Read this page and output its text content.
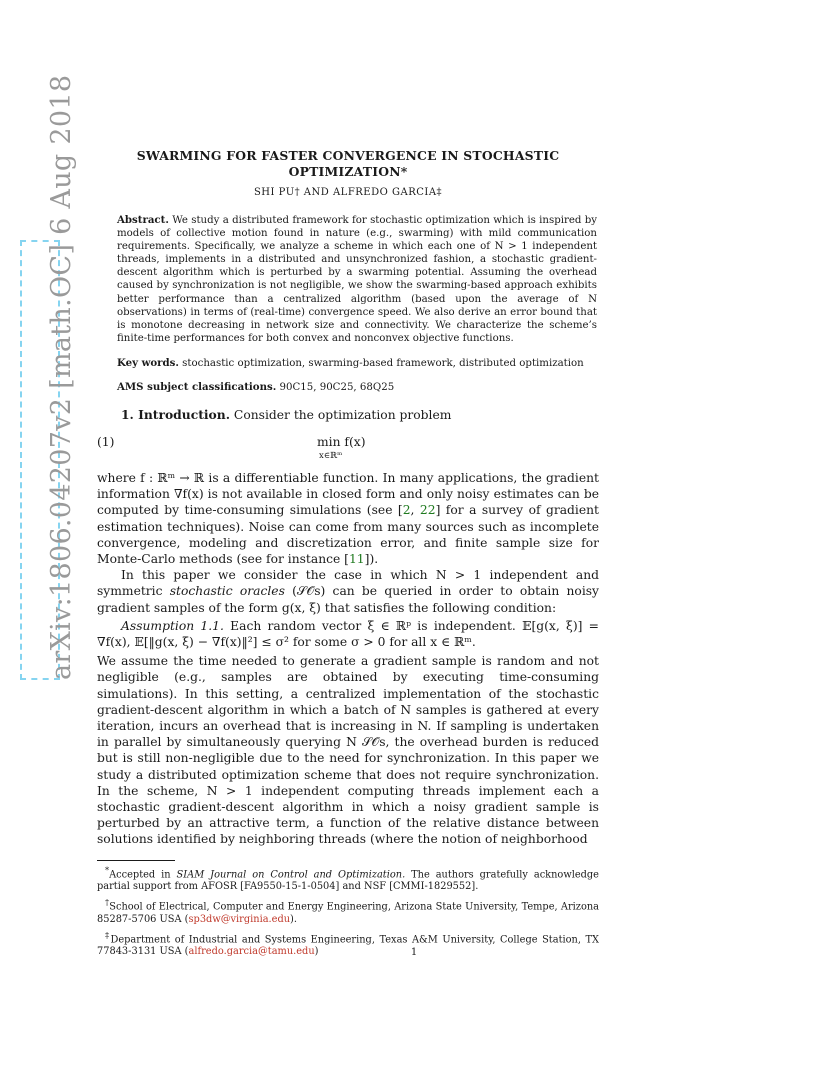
arXiv:1806.04207v2 [math.OC] 6 Aug 2018	SWARMING FOR FASTER CONVERGENCE IN STOCHASTIC
OPTIMIZATION*
SHI PU† AND ALFREDO GARCIA‡
Abstract. We study a distributed framework for stochastic optimization which is inspired by models of collective motion found in nature (e.g., swarming) with mild communication requirements. Specifically, we analyze a scheme in which each one of N > 1 independent threads, implements in a distributed and unsynchronized fashion, a stochastic gradient-descent algorithm which is perturbed by a swarming potential. Assuming the overhead caused by synchronization is not negligible, we show the swarming-based approach exhibits better performance than a centralized algorithm (based upon the average of N observations) in terms of (real-time) convergence speed. We also derive an error bound that is monotone decreasing in network size and connectivity. We characterize the scheme’s finite-time performances for both convex and nonconvex objective functions.
Key words. stochastic optimization, swarming-based framework, distributed optimization
AMS subject classifications. 90C15, 90C25, 68Q25
1. Introduction. Consider the optimization problem
(1)	min f(x)
x∈ℝᵐ
where f : ℝᵐ → ℝ is a differentiable function. In many applications, the gradient information ∇f(x) is not available in closed form and only noisy estimates can be computed by time-consuming simulations (see [2, 22] for a survey of gradient estimation techniques). Noise can come from many sources such as incomplete convergence, modeling and discretization error, and finite sample size for Monte-Carlo methods (see for instance [11]).
In this paper we consider the case in which N > 1 independent and symmetric stochastic oracles (𝒮𝒪s) can be queried in order to obtain noisy gradient samples of the form g(x, ξ) that satisfies the following condition:
Assumption 1.1. Each random vector ξ ∈ ℝᵖ is independent. 𝔼[g(x, ξ)] = ∇f(x), 𝔼[‖g(x, ξ) − ∇f(x)‖²] ≤ σ² for some σ > 0 for all x ∈ ℝᵐ.
We assume the time needed to generate a gradient sample is random and not negligible (e.g., samples are obtained by executing time-consuming simulations). In this setting, a centralized implementation of the stochastic gradient-descent algorithm in which a batch of N samples is gathered at every iteration, incurs an overhead that is increasing in N. If sampling is undertaken in parallel by simultaneously querying N 𝒮𝒪s, the overhead burden is reduced but is still non-negligible due to the need for synchronization. In this paper we study a distributed optimization scheme that does not require synchronization. In the scheme, N > 1 independent computing threads implement each a stochastic gradient-descent algorithm in which a noisy gradient sample is perturbed by an attractive term, a function of the relative distance between solutions identified by neighboring threads (where the notion of neighborhood
*Accepted in SIAM Journal on Control and Optimization. The authors gratefully acknowledge partial support from AFOSR [FA9550-15-1-0504] and NSF [CMMI-1829552].
†School of Electrical, Computer and Energy Engineering, Arizona State University, Tempe, Arizona 85287-5706 USA (sp3dw@virginia.edu).
‡Department of Industrial and Systems Engineering, Texas A&M University, College Station, TX 77843-3131 USA (alfredo.garcia@tamu.edu)	1
